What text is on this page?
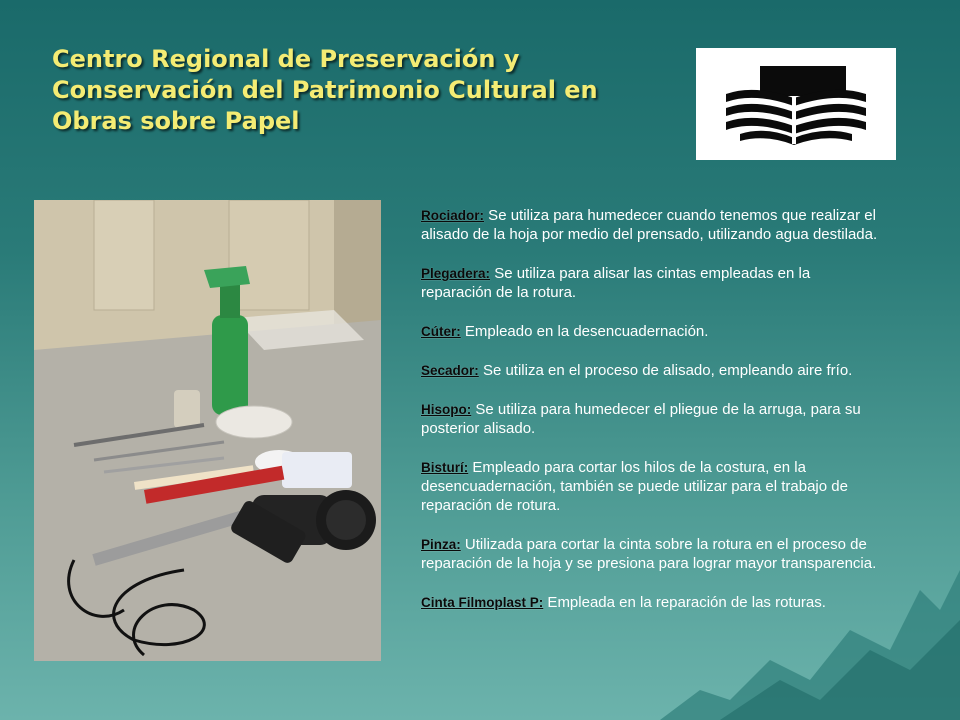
Centro Regional de Preservación y Conservación del Patrimonio Cultural en Obras sobre Papel

Rociador: Se utiliza para humedecer cuando tenemos que realizar el alisado de la hoja por medio del prensado, utilizando agua destilada.

Plegadera: Se utiliza para alisar las cintas empleadas en la reparación de la rotura.

Cúter: Empleado en la desencuadernación.

Secador: Se utiliza en el proceso de alisado, empleando aire frío.

Hisopo: Se utiliza para humedecer el pliegue de la arruga, para su posterior alisado.

Bisturí: Empleado para cortar los hilos de la costura, en la desencuadernación, también se puede utilizar para el trabajo de reparación de rotura.

Pinza: Utilizada para cortar la cinta sobre la rotura en el proceso de reparación de la hoja y se presiona para lograr mayor transparencia.

Cinta Filmoplast P: Empleada en la reparación de las roturas.
